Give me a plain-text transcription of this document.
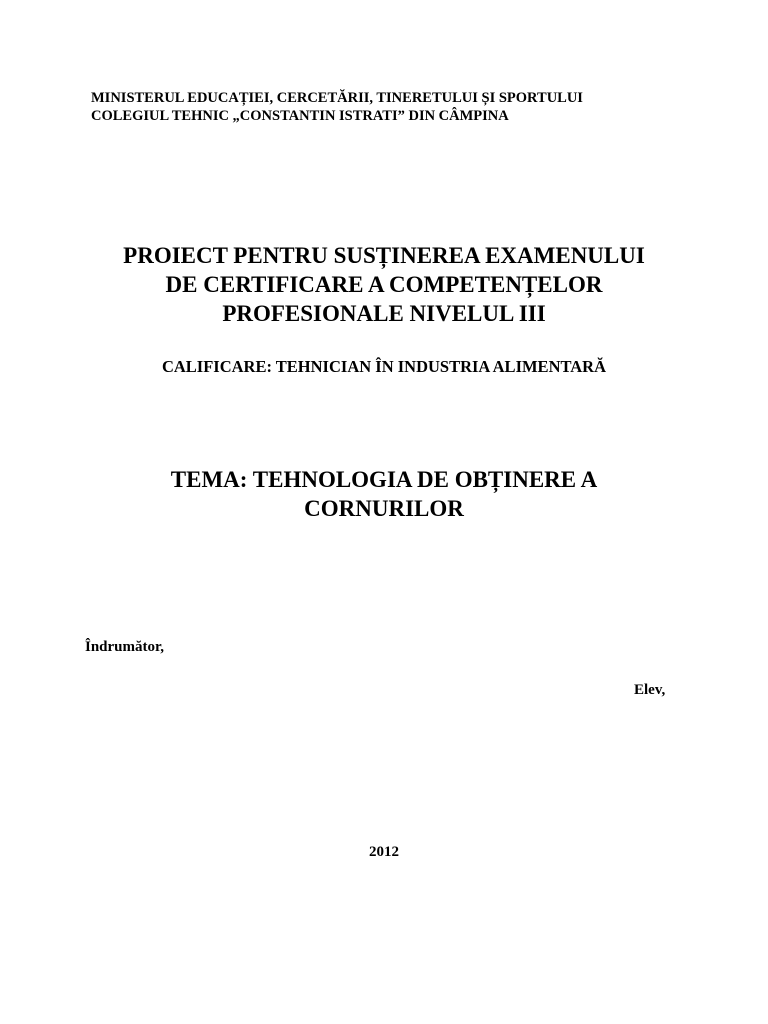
MINISTERUL EDUCAȚIEI, CERCETĂRII, TINERETULUI ȘI SPORTULUI
COLEGIUL TEHNIC „CONSTANTIN ISTRATI” DIN CÂMPINA
PROIECT PENTRU SUSȚINEREA EXAMENULUI
DE CERTIFICARE A COMPETENȚELOR
PROFESIONALE NIVELUL III
CALIFICARE: TEHNICIAN ÎN INDUSTRIA ALIMENTARĂ
TEMA: TEHNOLOGIA DE OBȚINERE A
CORNURILOR
Îndrumător,
Elev,
2012
